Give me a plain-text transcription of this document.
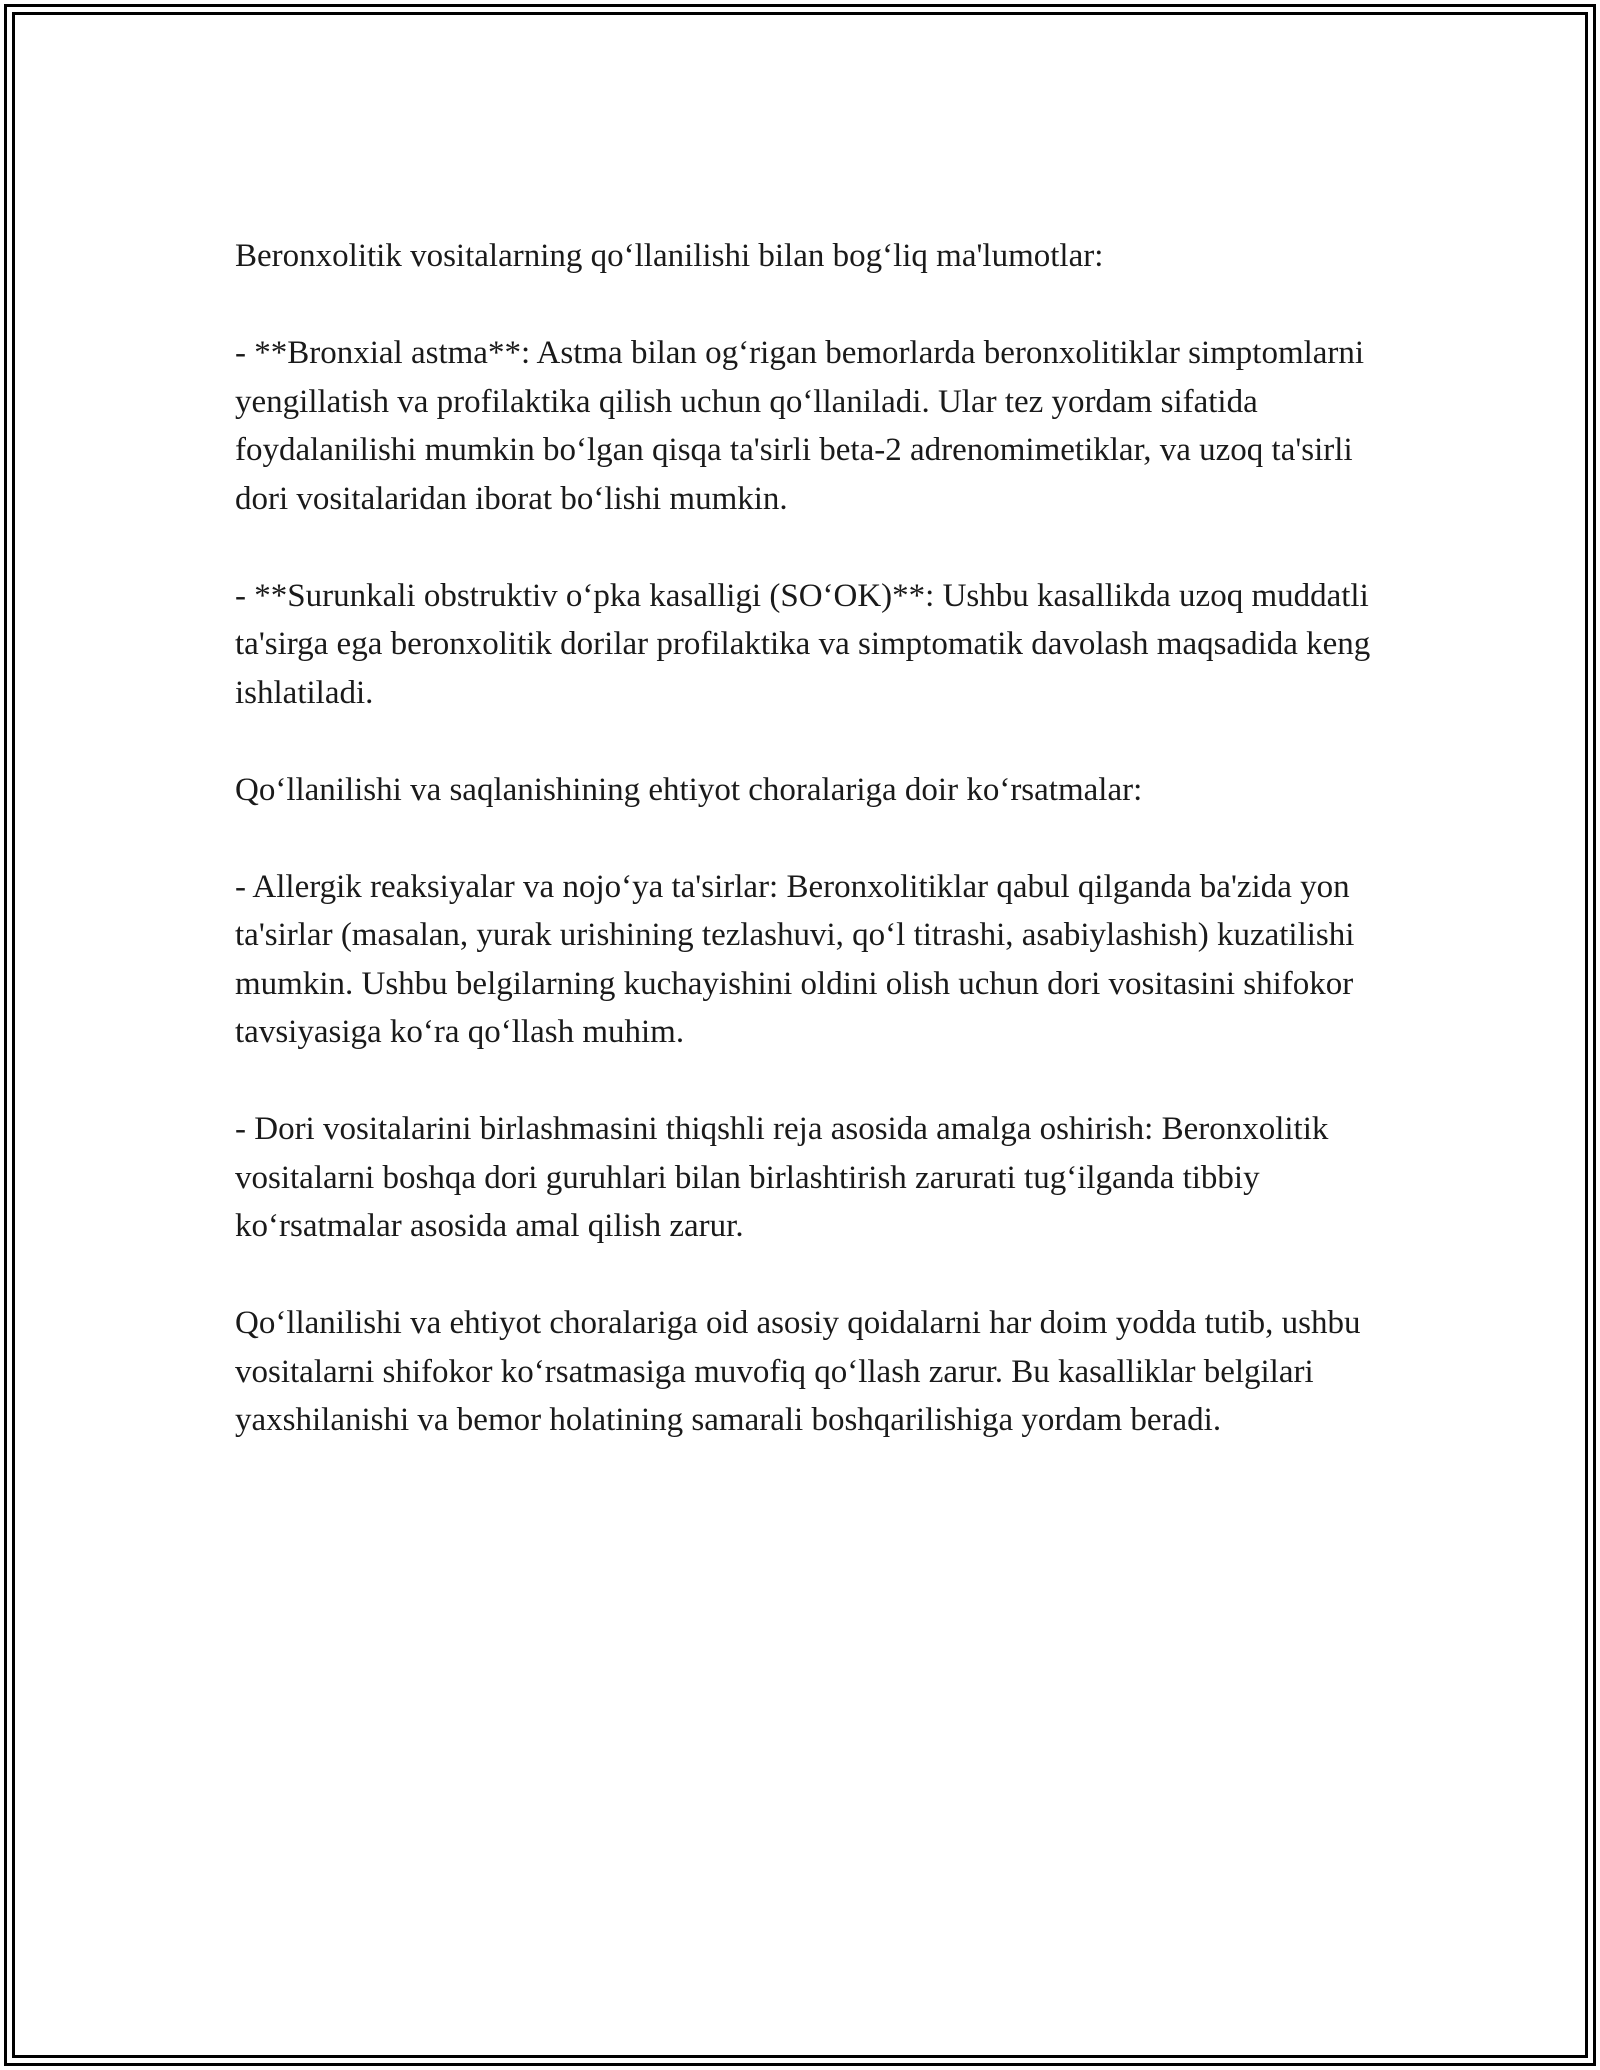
Beronxolitik vositalarning qo‘llanilishi bilan bog‘liq ma'lumotlar:

- **Bronxial astma**: Astma bilan og‘rigan bemorlarda beronxolitiklar simptomlarni yengillatish va profilaktika qilish uchun qo‘llaniladi. Ular tez yordam sifatida foydalanilishi mumkin bo‘lgan qisqa ta'sirli beta-2 adrenomimetiklar, va uzoq ta'sirli dori vositalaridan iborat bo‘lishi mumkin.

- **Surunkali obstruktiv o‘pka kasalligi (SO‘OK)**: Ushbu kasallikda uzoq muddatli ta'sirga ega beronxolitik dorilar profilaktika va simptomatik davolash maqsadida keng ishlatiladi.

Qo‘llanilishi va saqlanishining ehtiyot choralariga doir ko‘rsatmalar:

- Allergik reaksiyalar va nojo‘ya ta'sirlar: Beronxolitiklar qabul qilganda ba'zida yon ta'sirlar (masalan, yurak urishining tezlashuvi, qo‘l titrashi, asabiylashish) kuzatilishi mumkin. Ushbu belgilarning kuchayishini oldini olish uchun dori vositasini shifokor tavsiyasiga ko‘ra qo‘llash muhim.

- Dori vositalarini birlashmasini thiqshli reja asosida amalga oshirish: Beronxolitik vositalarni boshqa dori guruhlari bilan birlashtirish zarurati tug‘ilganda tibbiy ko‘rsatmalar asosida amal qilish zarur.

Qo‘llanilishi va ehtiyot choralariga oid asosiy qoidalarni har doim yodda tutib, ushbu vositalarni shifokor ko‘rsatmasiga muvofiq qo‘llash zarur. Bu kasalliklar belgilari yaxshilanishi va bemor holatining samarali boshqarilishiga yordam beradi.
